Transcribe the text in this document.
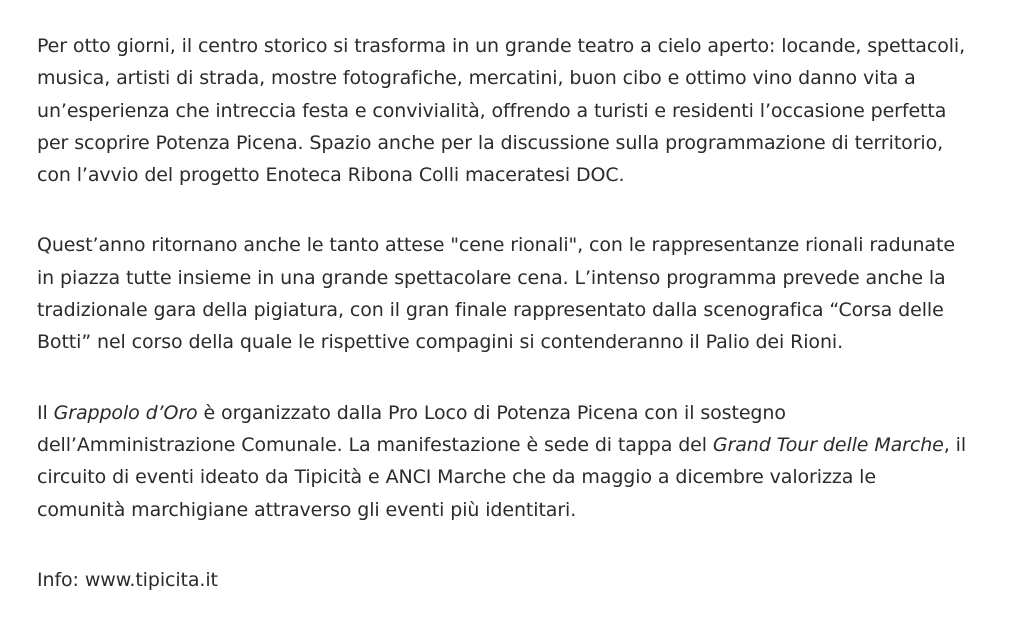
Per otto giorni, il centro storico si trasforma in un grande teatro a cielo aperto: locande, spettacoli, musica, artisti di strada, mostre fotografiche, mercatini, buon cibo e ottimo vino danno vita a un’esperienza che intreccia festa e convivialità, offrendo a turisti e residenti l’occasione perfetta per scoprire Potenza Picena. Spazio anche per la discussione sulla programmazione di territorio, con l’avvio del progetto Enoteca Ribona Colli maceratesi DOC.

Quest’anno ritornano anche le tanto attese "cene rionali", con le rappresentanze rionali radunate in piazza tutte insieme in una grande spettacolare cena. L’intenso programma prevede anche la tradizionale gara della pigiatura, con il gran finale rappresentato dalla scenografica “Corsa delle Botti” nel corso della quale le rispettive compagini si contenderanno il Palio dei Rioni.

Il Grappolo d’Oro è organizzato dalla Pro Loco di Potenza Picena con il sostegno dell’Amministrazione Comunale. La manifestazione è sede di tappa del Grand Tour delle Marche, il circuito di eventi ideato da Tipicità e ANCI Marche che da maggio a dicembre valorizza le comunità marchigiane attraverso gli eventi più identitari.

Info: www.tipicita.it
